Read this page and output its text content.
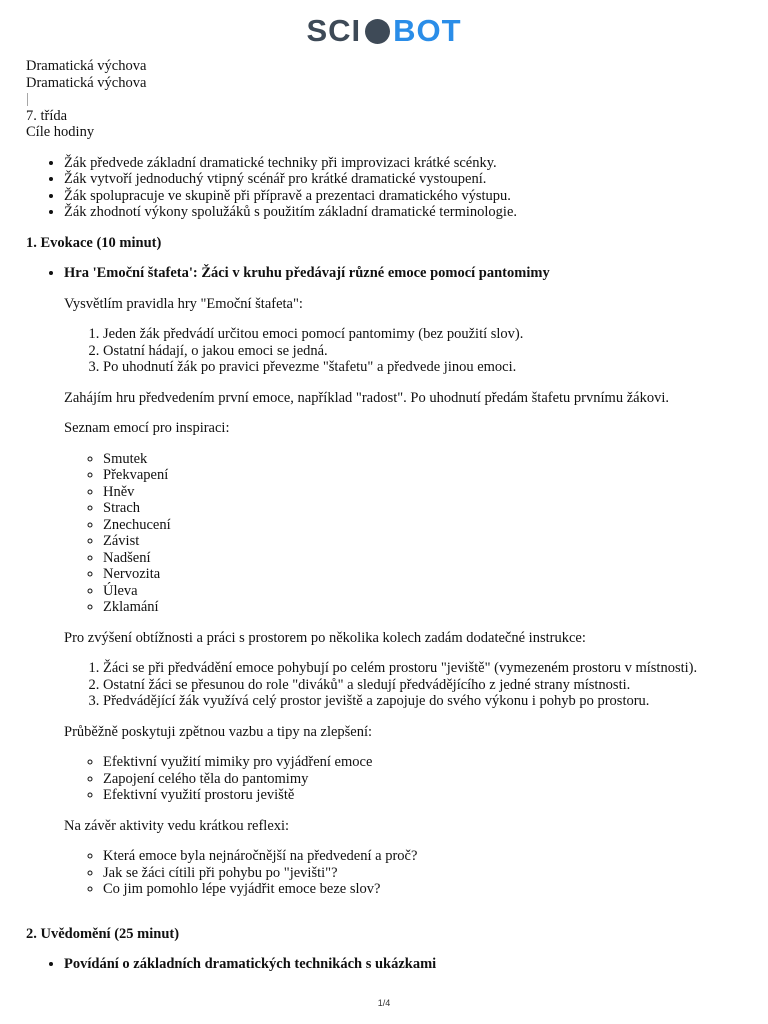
SCI BOT

Dramatická výchova

Dramatická výchova

|

7. třída

Cíle hodiny

• Žák předvede základní dramatické techniky při improvizaci krátké scénky.
• Žák vytvoří jednoduchý vtipný scénář pro krátké dramatické vystoupení.
• Žák spolupracuje ve skupině při přípravě a prezentaci dramatického výstupu.
• Žák zhodnotí výkony spolužáků s použitím základní dramatické terminologie.
1. Evokace (10 minut)
• Hra 'Emoční štafeta': Žáci v kruhu předávají různé emoce pomocí pantomimy

Vysvětlím pravidla hry "Emoční štafeta":

1. Jeden žák předvádí určitou emoci pomocí pantomimy (bez použití slov).
2. Ostatní hádají, o jakou emoci se jedná.
3. Po uhodnutí žák po pravici převezme "štafetu" a předvede jinou emoci.

Zahájím hru předvedením první emoce, například "radost". Po uhodnutí předám štafetu prvnímu žákovi.

Seznam emocí pro inspiraci:

◦ Smutek
◦ Překvapení
◦ Hněv
◦ Strach
◦ Znechucení
◦ Závist
◦ Nadšení
◦ Nervozita
◦ Úleva
◦ Zklamání

Pro zvýšení obtížnosti a práci s prostorem po několika kolech zadám dodatečné instrukce:

1. Žáci se při předvádění emoce pohybují po celém prostoru "jeviště" (vymezeném prostoru v místnosti).
2. Ostatní žáci se přesunou do role "diváků" a sledují předvádějícího z jedné strany místnosti.
3. Předvádějící žák využívá celý prostor jeviště a zapojuje do svého výkonu i pohyb po prostoru.

Průběžně poskytuji zpětnou vazbu a tipy na zlepšení:

◦ Efektivní využití mimiky pro vyjádření emoce
◦ Zapojení celého těla do pantomimy
◦ Efektivní využití prostoru jeviště

Na závěr aktivity vedu krátkou reflexi:

◦ Která emoce byla nejnáročnější na předvedení a proč?
◦ Jak se žáci cítili při pohybu po "jevišti"?
◦ Co jim pomohlo lépe vyjádřit emoce beze slov?
2. Uvědomění (25 minut)
• Povídání o základních dramatických technikách s ukázkami
1/4
